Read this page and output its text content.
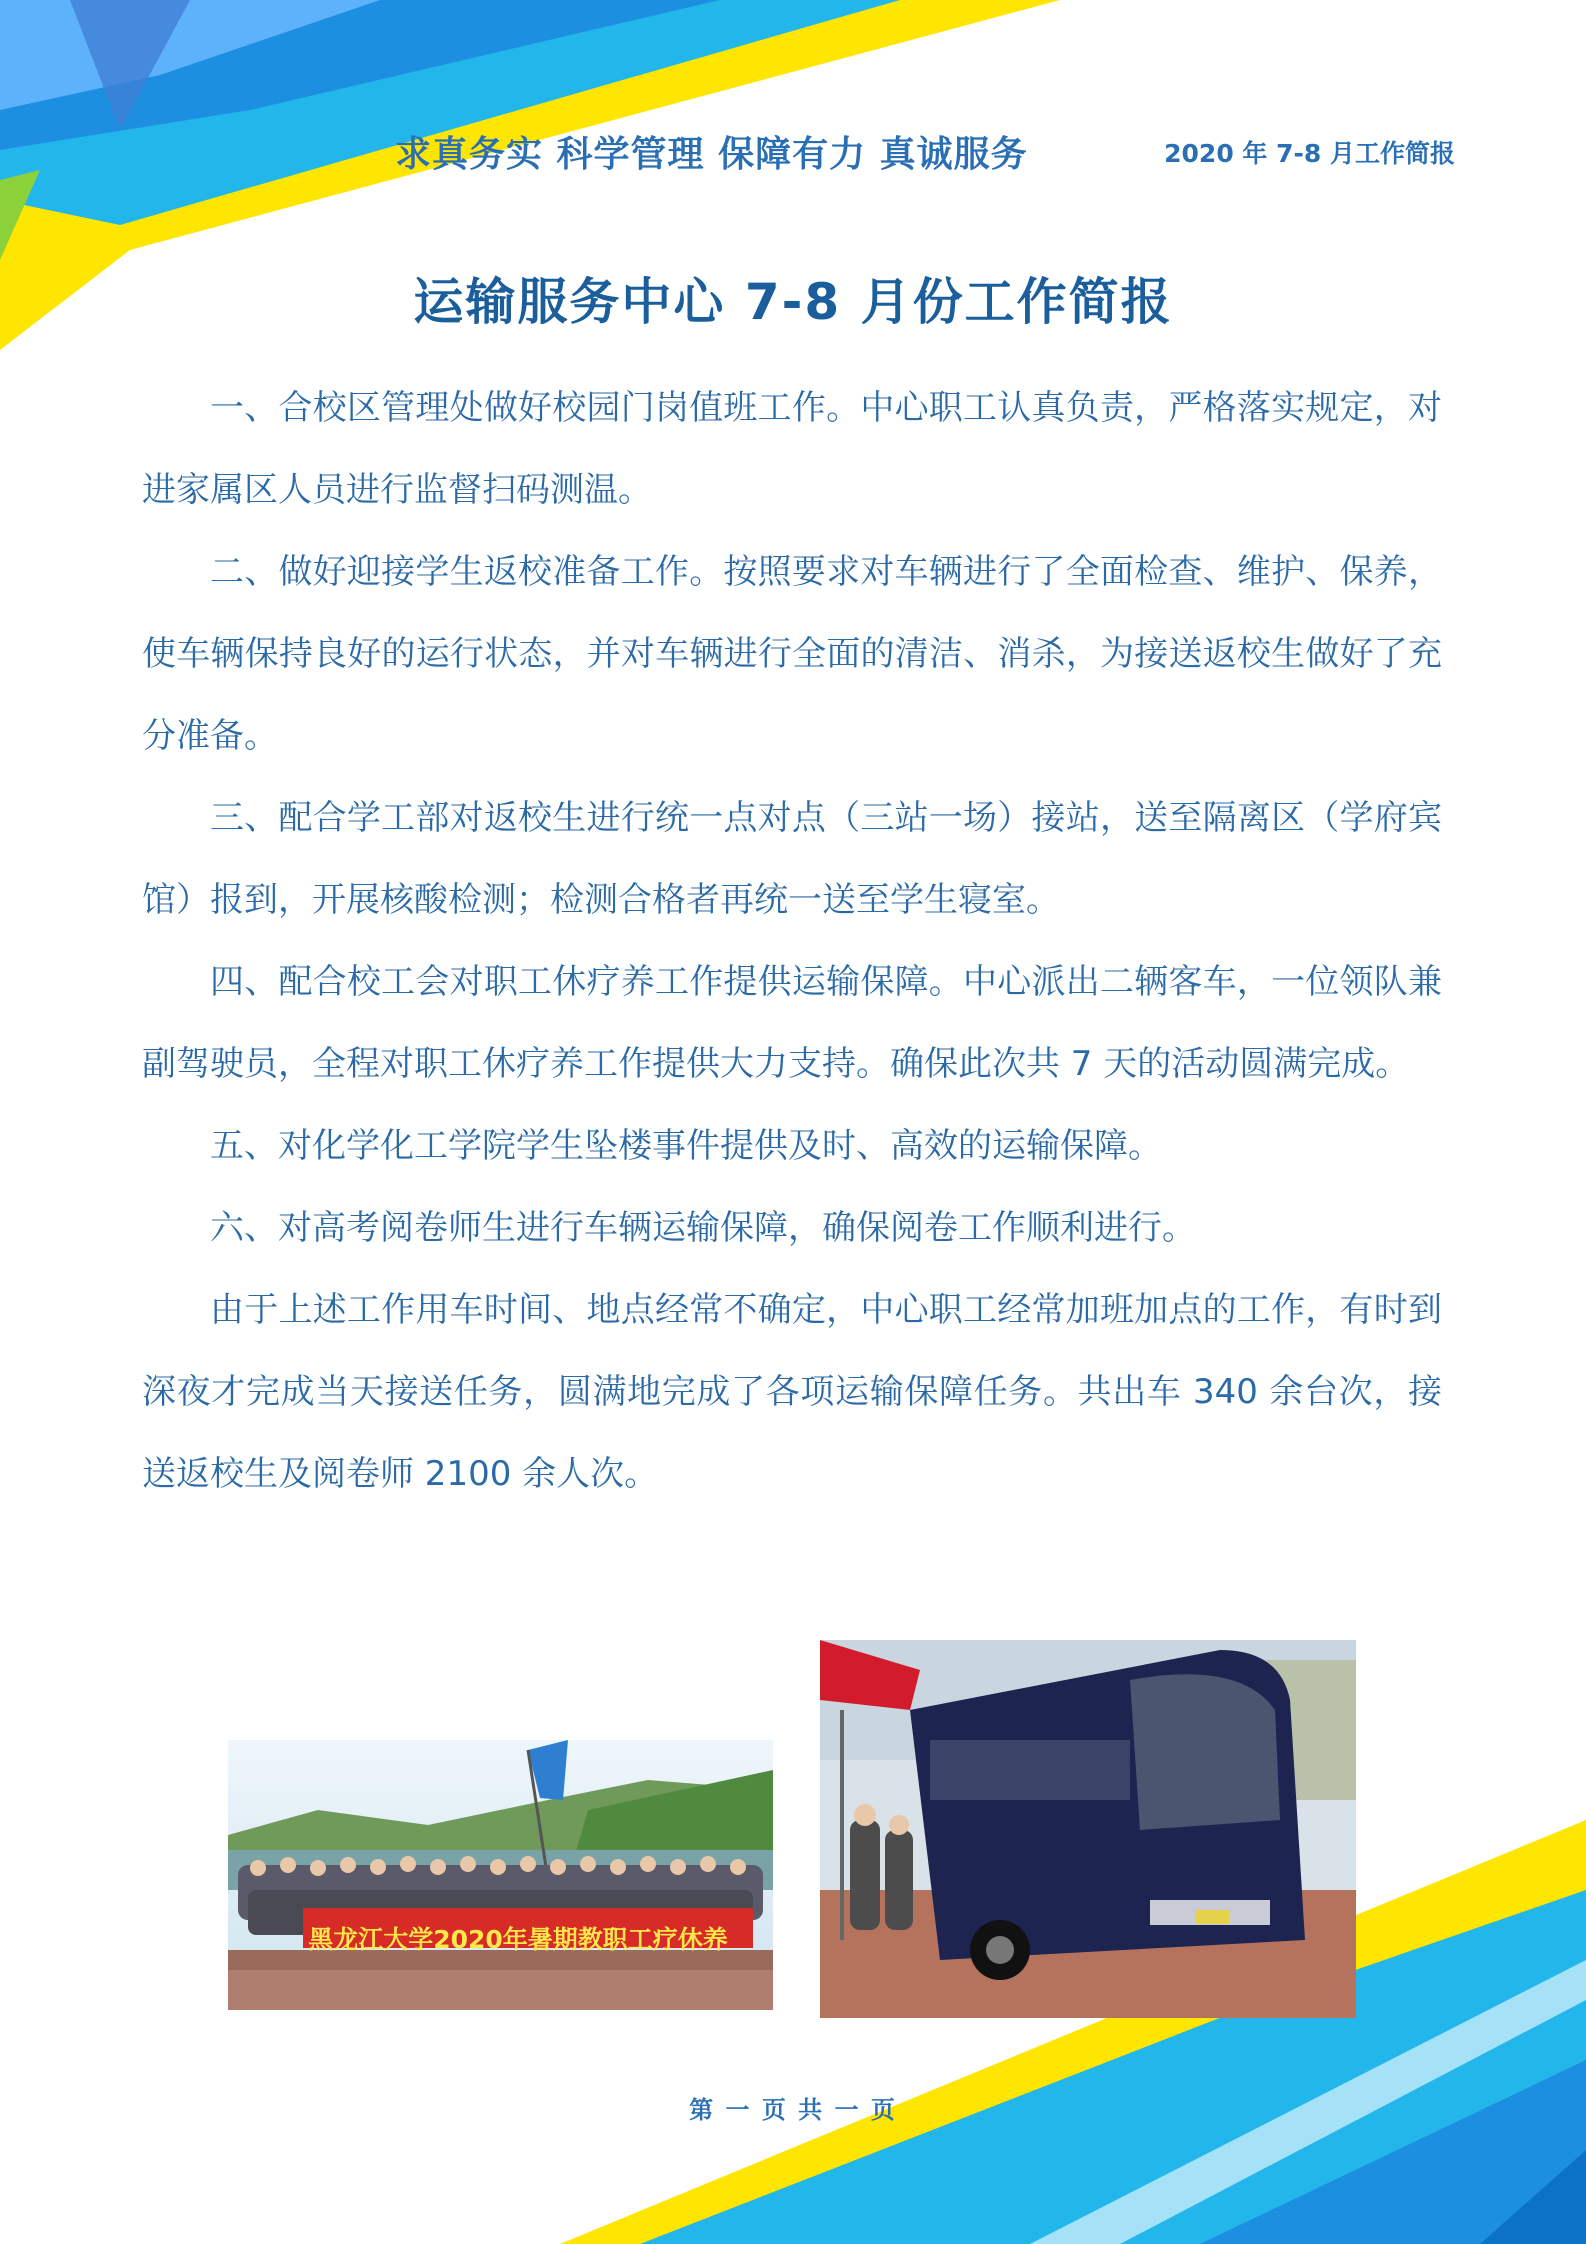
求真务实 科学管理 保障有力 真诚服务	2020 年 7-8 月工作简报
运输服务中心 7-8 月份工作简报

一、合校区管理处做好校园门岗值班工作。中心职工认真负责，严格落实规定，对进家属区人员进行监督扫码测温。

二、做好迎接学生返校准备工作。按照要求对车辆进行了全面检查、维护、保养，使车辆保持良好的运行状态，并对车辆进行全面的清洁、消杀，为接送返校生做好了充分准备。

三、配合学工部对返校生进行统一点对点（三站一场）接站，送至隔离区（学府宾馆）报到，开展核酸检测；检测合格者再统一送至学生寝室。

四、配合校工会对职工休疗养工作提供运输保障。中心派出二辆客车，一位领队兼副驾驶员，全程对职工休疗养工作提供大力支持。确保此次共 7 天的活动圆满完成。

五、对化学化工学院学生坠楼事件提供及时、高效的运输保障。

六、对高考阅卷师生进行车辆运输保障，确保阅卷工作顺利进行。

由于上述工作用车时间、地点经常不确定，中心职工经常加班加点的工作，有时到深夜才完成当天接送任务，圆满地完成了各项运输保障任务。共出车 340 余台次，接送返校生及阅卷师 2100 余人次。

黑龙江大学2020年暑期教职工疗休养
第 一 页 共 一 页
